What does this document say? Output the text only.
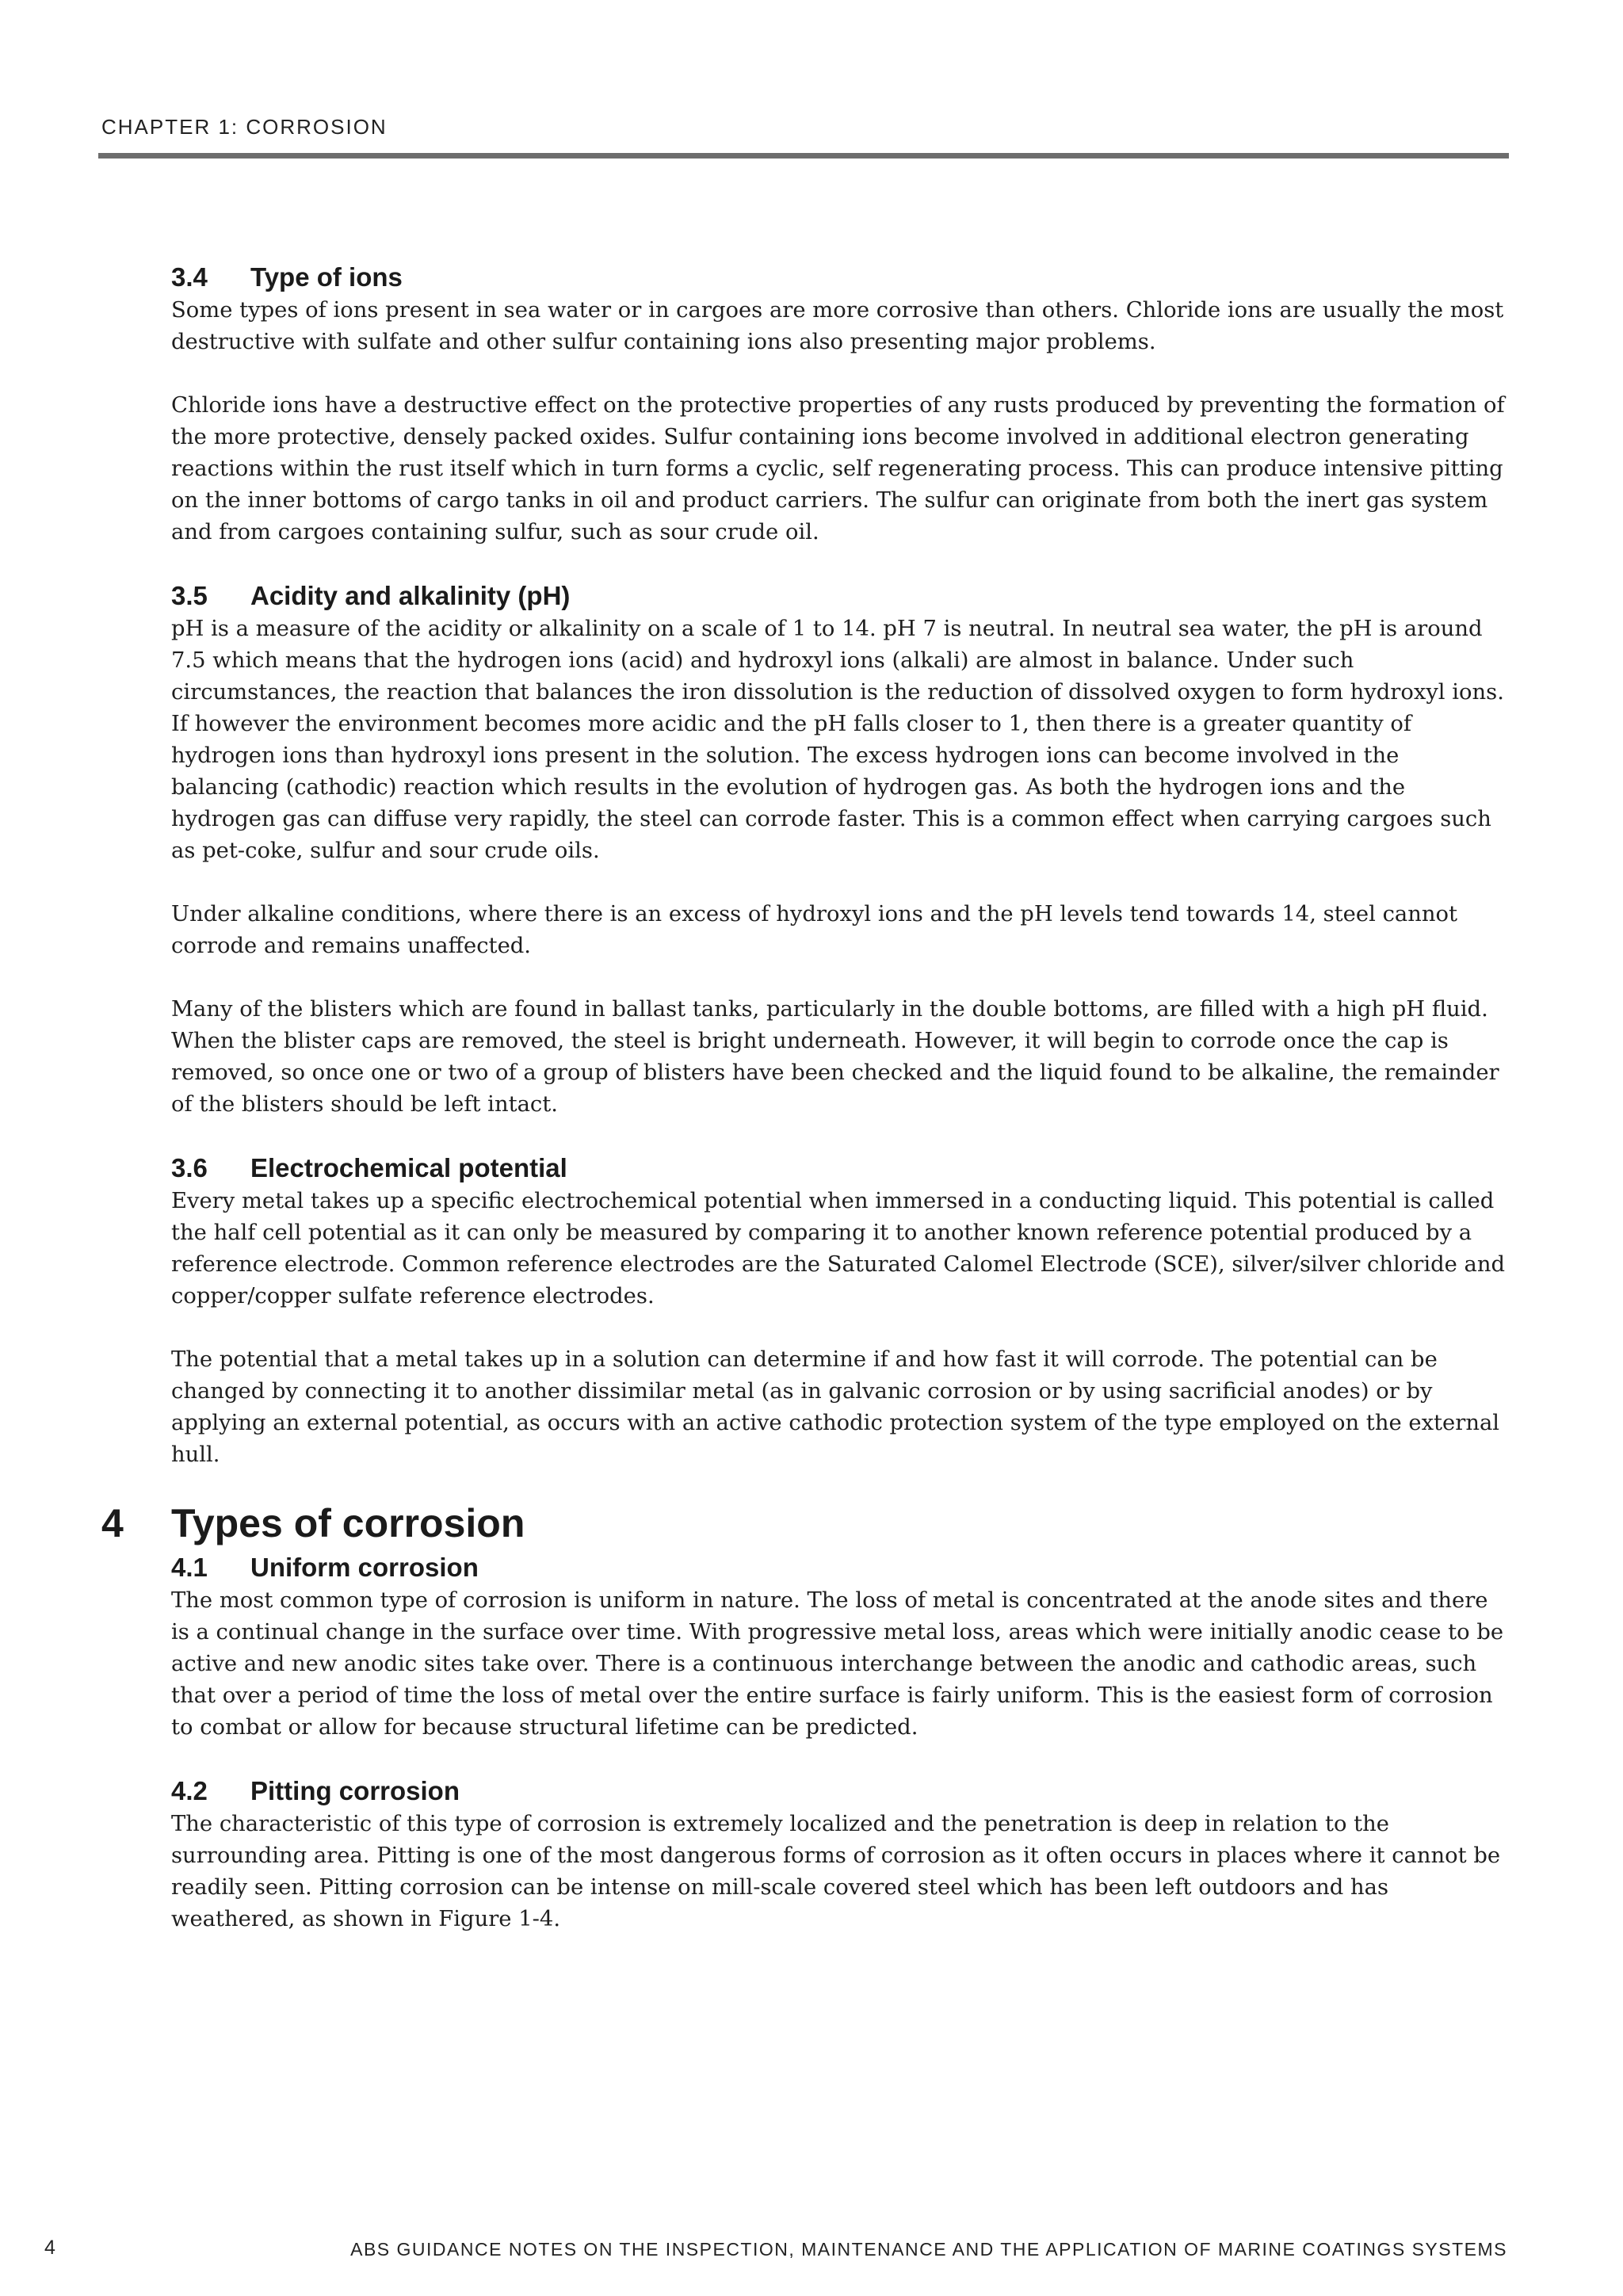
CHAPTER 1: CORROSION
3.4 Type of ions

Some types of ions present in sea water or in cargoes are more corrosive than others. Chloride ions are usually the most destructive with sulfate and other sulfur containing ions also presenting major problems.

Chloride ions have a destructive effect on the protective properties of any rusts produced by preventing the formation of the more protective, densely packed oxides. Sulfur containing ions become involved in additional electron generating reactions within the rust itself which in turn forms a cyclic, self regenerating process. This can produce intensive pitting on the inner bottoms of cargo tanks in oil and product carriers. The sulfur can originate from both the inert gas system and from cargoes containing sulfur, such as sour crude oil.

3.5 Acidity and alkalinity (pH)

pH is a measure of the acidity or alkalinity on a scale of 1 to 14. pH 7 is neutral. In neutral sea water, the pH is around 7.5 which means that the hydrogen ions (acid) and hydroxyl ions (alkali) are almost in balance. Under such circumstances, the reaction that balances the iron dissolution is the reduction of dissolved oxygen to form hydroxyl ions. If however the environment becomes more acidic and the pH falls closer to 1, then there is a greater quantity of hydrogen ions than hydroxyl ions present in the solution. The excess hydrogen ions can become involved in the balancing (cathodic) reaction which results in the evolution of hydrogen gas. As both the hydrogen ions and the hydrogen gas can diffuse very rapidly, the steel can corrode faster. This is a common effect when carrying cargoes such as pet-coke, sulfur and sour crude oils.

Under alkaline conditions, where there is an excess of hydroxyl ions and the pH levels tend towards 14, steel cannot corrode and remains unaffected.

Many of the blisters which are found in ballast tanks, particularly in the double bottoms, are filled with a high pH fluid. When the blister caps are removed, the steel is bright underneath. However, it will begin to corrode once the cap is removed, so once one or two of a group of blisters have been checked and the liquid found to be alkaline, the remainder of the blisters should be left intact.

3.6 Electrochemical potential

Every metal takes up a specific electrochemical potential when immersed in a conducting liquid. This potential is called the half cell potential as it can only be measured by comparing it to another known reference potential produced by a reference electrode. Common reference electrodes are the Saturated Calomel Electrode (SCE), silver/silver chloride and copper/copper sulfate reference electrodes.

The potential that a metal takes up in a solution can determine if and how fast it will corrode. The potential can be changed by connecting it to another dissimilar metal (as in galvanic corrosion or by using sacrificial anodes) or by applying an external potential, as occurs with an active cathodic protection system of the type employed on the external hull.

4 Types of corrosion
4.1 Uniform corrosion

The most common type of corrosion is uniform in nature. The loss of metal is concentrated at the anode sites and there is a continual change in the surface over time. With progressive metal loss, areas which were initially anodic cease to be active and new anodic sites take over. There is a continuous interchange between the anodic and cathodic areas, such that over a period of time the loss of metal over the entire surface is fairly uniform. This is the easiest form of corrosion to combat or allow for because structural lifetime can be predicted.

4.2 Pitting corrosion

The characteristic of this type of corrosion is extremely localized and the penetration is deep in relation to the surrounding area. Pitting is one of the most dangerous forms of corrosion as it often occurs in places where it cannot be readily seen. Pitting corrosion can be intense on mill-scale covered steel which has been left outdoors and has weathered, as shown in Figure 1-4.

4	ABS GUIDANCE NOTES ON THE INSPECTION, MAINTENANCE AND THE APPLICATION OF MARINE COATINGS SYSTEMS
